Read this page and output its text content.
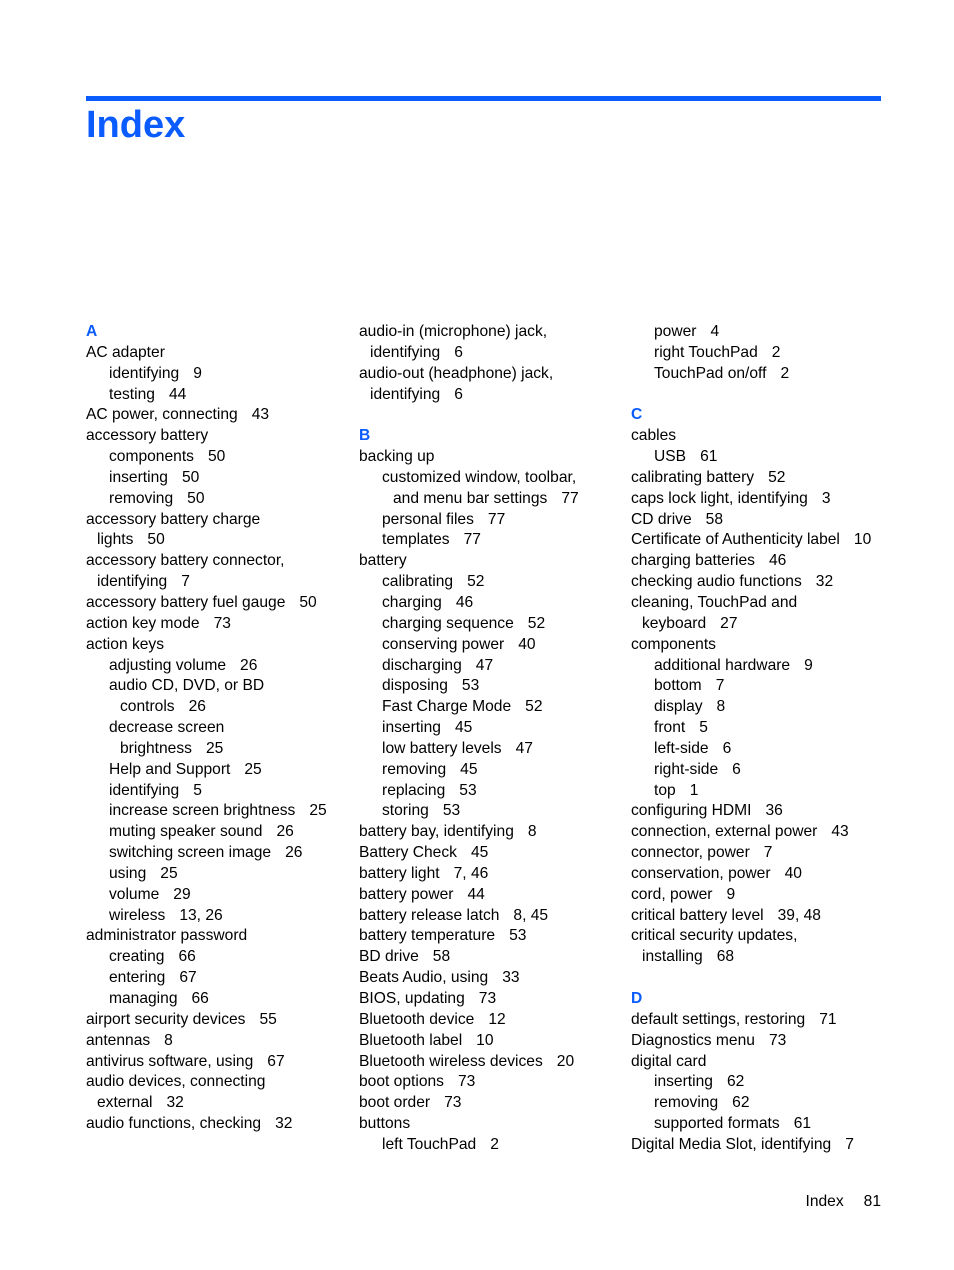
Index
A
AC adapter
identifying 9
testing 44
AC power, connecting 43
accessory battery
components 50
inserting 50
removing 50
accessory battery charge
lights 50
accessory battery connector,
identifying 7
accessory battery fuel gauge 50
action key mode 73
action keys
adjusting volume 26
audio CD, DVD, or BD
controls 26
decrease screen
brightness 25
Help and Support 25
identifying 5
increase screen brightness 25
muting speaker sound 26
switching screen image 26
using 25
volume 29
wireless 13, 26
administrator password
creating 66
entering 67
managing 66
airport security devices 55
antennas 8
antivirus software, using 67
audio devices, connecting
external 32
audio functions, checking 32
audio-in (microphone) jack,
identifying 6
audio-out (headphone) jack,
identifying 6
B
backing up
customized window, toolbar,
and menu bar settings 77
personal files 77
templates 77
battery
calibrating 52
charging 46
charging sequence 52
conserving power 40
discharging 47
disposing 53
Fast Charge Mode 52
inserting 45
low battery levels 47
removing 45
replacing 53
storing 53
battery bay, identifying 8
Battery Check 45
battery light 7, 46
battery power 44
battery release latch 8, 45
battery temperature 53
BD drive 58
Beats Audio, using 33
BIOS, updating 73
Bluetooth device 12
Bluetooth label 10
Bluetooth wireless devices 20
boot options 73
boot order 73
buttons
left TouchPad 2
power 4
right TouchPad 2
TouchPad on/off 2
C
cables
USB 61
calibrating battery 52
caps lock light, identifying 3
CD drive 58
Certificate of Authenticity label 10
charging batteries 46
checking audio functions 32
cleaning, TouchPad and
keyboard 27
components
additional hardware 9
bottom 7
display 8
front 5
left-side 6
right-side 6
top 1
configuring HDMI 36
connection, external power 43
connector, power 7
conservation, power 40
cord, power 9
critical battery level 39, 48
critical security updates,
installing 68
D
default settings, restoring 71
Diagnostics menu 73
digital card
inserting 62
removing 62
supported formats 61
Digital Media Slot, identifying 7
Index 81
